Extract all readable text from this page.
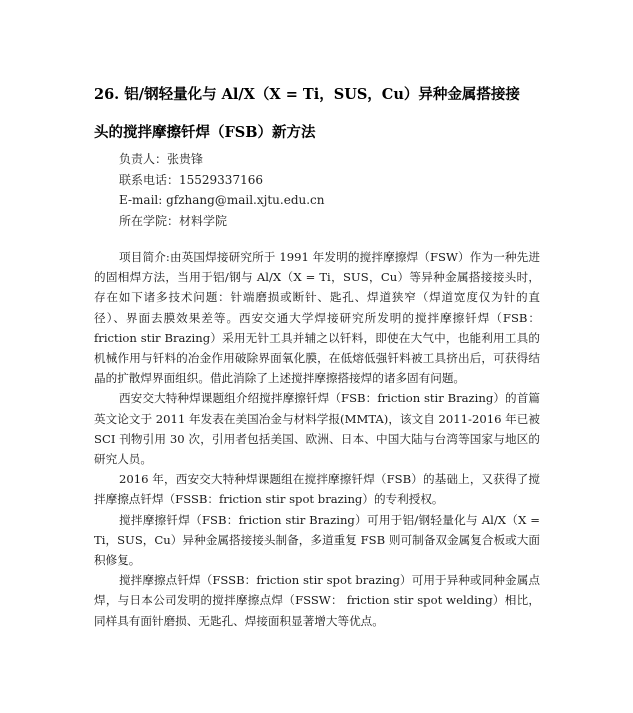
26. 铝/钢轻量化与 Al/X（X = Ti，SUS，Cu）异种金属搭接接
头的搅拌摩擦钎焊（FSB）新方法
负责人：张贵锋
联系电话：15529337166
E-mail: gfzhang@mail.xjtu.edu.cn
所在学院：材料学院

项目简介:由英国焊接研究所于 1991 年发明的搅拌摩擦焊（FSW）作为一种先进的固相焊方法，当用于铝/钢与 Al/X（X = Ti，SUS，Cu）等异种金属搭接接头时，存在如下诸多技术问题：针端磨损或断针、匙孔、焊道狭窄（焊道宽度仅为针的直径）、界面去膜效果差等。西安交通大学焊接研究所发明的搅拌摩擦钎焊（FSB：friction stir Brazing）采用无针工具并辅之以钎料，即使在大气中，也能利用工具的机械作用与钎料的冶金作用破除界面氧化膜，在低熔低强钎料被工具挤出后，可获得结晶的扩散焊界面组织。借此消除了上述搅拌摩擦搭接焊的诸多固有问题。

西安交大特种焊课题组介绍搅拌摩擦钎焊（FSB：friction stir Brazing）的首篇英文论文于 2011 年发表在美国冶金与材料学报(MMTA)，该文自 2011-2016 年已被 SCI 刊物引用 30 次，引用者包括美国、欧洲、日本、中国大陆与台湾等国家与地区的研究人员。

2016 年，西安交大特种焊课题组在搅拌摩擦钎焊（FSB）的基础上，又获得了搅拌摩擦点钎焊（FSSB：friction stir spot brazing）的专利授权。

搅拌摩擦钎焊（FSB：friction stir Brazing）可用于铝/钢轻量化与 Al/X（X = Ti，SUS，Cu）异种金属搭接接头制备，多道重复 FSB 则可制备双金属复合板或大面积修复。

搅拌摩擦点钎焊（FSSB：friction stir spot brazing）可用于异种或同种金属点焊，与日本公司发明的搅拌摩擦点焊（FSSW： friction stir spot welding）相比，同样具有面针磨损、无匙孔、焊接面积显著增大等优点。
